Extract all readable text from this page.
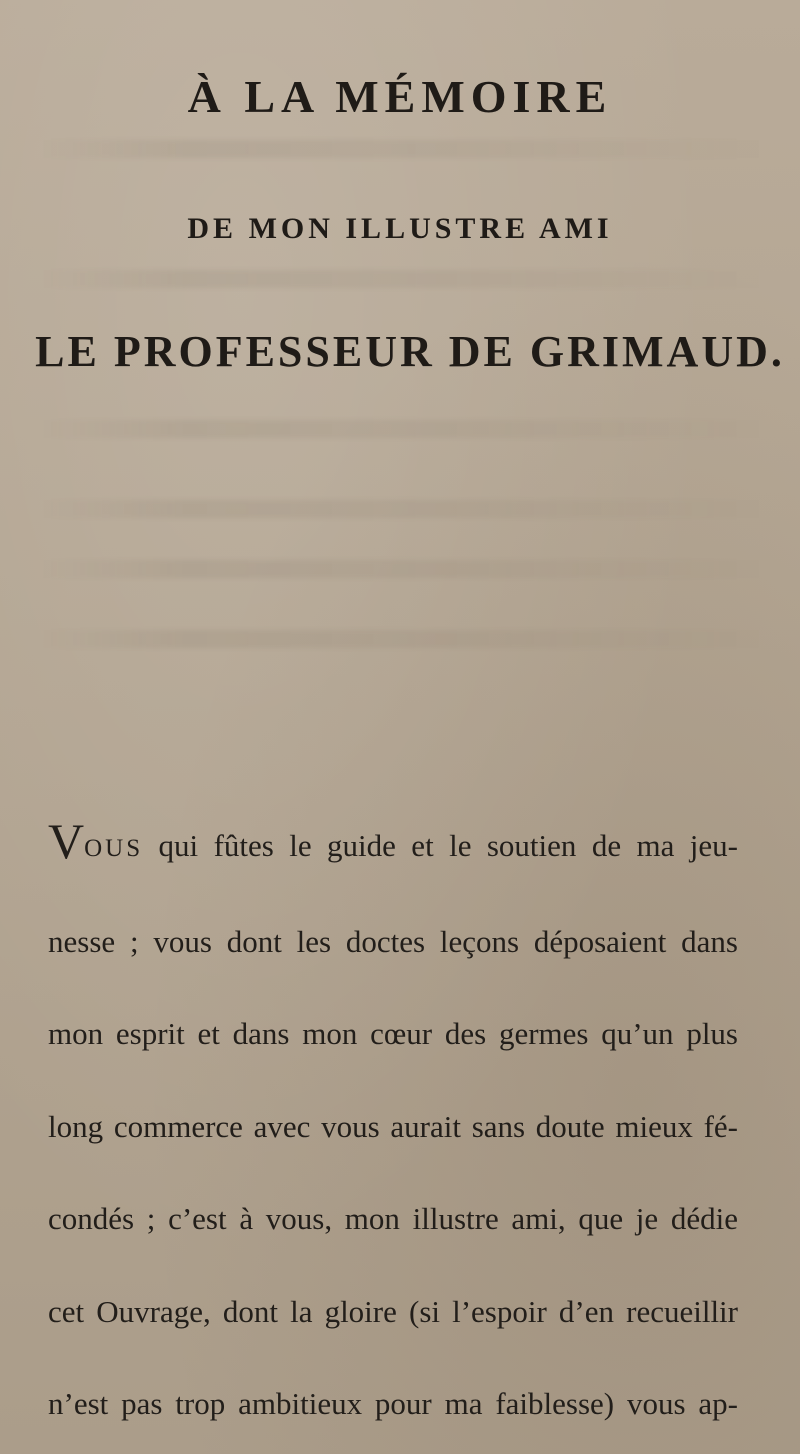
À LA MÉMOIRE
DE MON ILLUSTRE AMI
LE PROFESSEUR DE GRIMAUD.
VOUS qui fûtes le guide et le soutien de ma jeu-
nesse ; vous dont les doctes leçons déposaient dans
mon esprit et dans mon cœur des germes qu’un plus
long commerce avec vous aurait sans doute mieux fé-
condés ; c’est à vous, mon illustre ami, que je dédie
cet Ouvrage, dont la gloire (si l’espoir d’en recueillir
n’est pas trop ambitieux pour ma faiblesse) vous ap-
